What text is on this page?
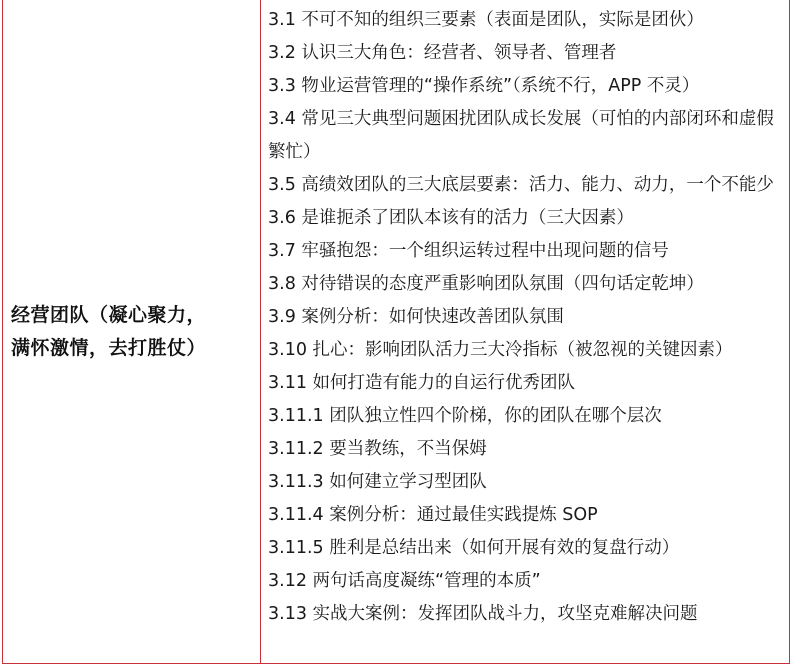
经营团队（凝心聚力，
满怀激情，去打胜仗）

3.1 不可不知的组织三要素（表面是团队，实际是团伙）
3.2 认识三大角色：经营者、领导者、管理者
3.3 物业运营管理的“操作系统”（系统不行，APP 不灵）
3.4 常见三大典型问题困扰团队成长发展（可怕的内部闭环和虚假繁忙）
3.5 高绩效团队的三大底层要素：活力、能力、动力，一个不能少
3.6 是谁扼杀了团队本该有的活力（三大因素）
3.7 牢骚抱怨：一个组织运转过程中出现问题的信号
3.8 对待错误的态度严重影响团队氛围（四句话定乾坤）
3.9 案例分析：如何快速改善团队氛围
3.10 扎心：影响团队活力三大冷指标（被忽视的关键因素）
3.11 如何打造有能力的自运行优秀团队
3.11.1 团队独立性四个阶梯，你的团队在哪个层次
3.11.2 要当教练，不当保姆
3.11.3 如何建立学习型团队
3.11.4 案例分析：通过最佳实践提炼 SOP
3.11.5 胜利是总结出来（如何开展有效的复盘行动）
3.12 两句话高度凝练“管理的本质”
3.13 实战大案例：发挥团队战斗力，攻坚克难解决问题
